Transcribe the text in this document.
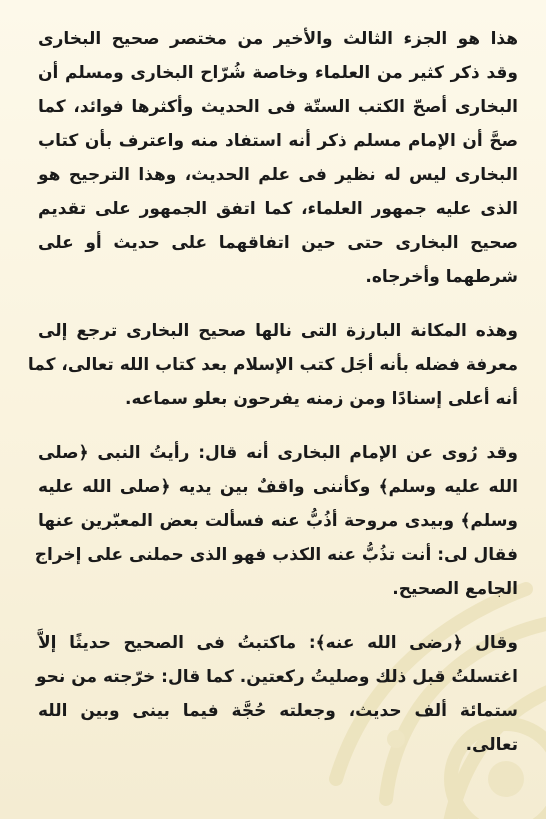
هذا هو الجزء الثالث والأخير من مختصر صحيح البخارى
وقد ذكر كثير من العلماء وخاصة شُرّاح البخارى ومسلم أن
البخارى أصحّ الكتب الستّة فى الحديث وأكثرها فوائد، كما
صحَّ أن الإمام مسلم ذكر أنه استفاد منه واعترف بأن كتاب
البخارى ليس له نظير فى علم الحديث، وهذا الترجيح هو
الذى عليه جمهور العلماء، كما اتفق الجمهور على تقديم
صحيح البخارى حتى حين اتفاقهما على حديث أو على
شرطهما وأخرجاه.

وهذه المكانة البارزة التى نالها صحيح البخارى ترجع إلى
معرفة فضله بأنه أجَل كتب الإسلام بعد كتاب الله تعالى، كما
أنه أعلى إسنادًا ومن زمنه يفرحون بعلو سماعه.

وقد رُوى عن الإمام البخارى أنه قال: رأيتُ النبى ﴿صلى
الله عليه وسلم﴾ وكأننى واقفٌ بين يديه ﴿صلى الله عليه
وسلم﴾ وبيدى مروحة أذُبُّ عنه فسألت بعض المعبّرين عنها
فقال لى: أنت تذُبُّ عنه الكذب فهو الذى حملنى على إخراج
الجامع الصحيح.

وقال ﴿رضى الله عنه﴾: ماكتبتُ فى الصحيح حديثًا إلاَّ
اغتسلتُ قبل ذلك وصليتُ ركعتين. كما قال: خرّجته من نحو
ستمائة ألف حديث، وجعلته حُجَّة فيما بينى وبين الله
تعالى.
